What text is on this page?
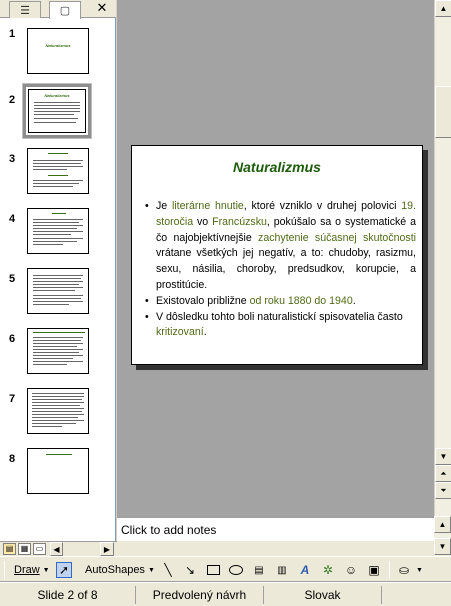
☰	▢ ✕
1
Naturalizmus
2	Naturalizmus
3
4
5
6
7
8
Naturalizmus
• Je literárne hnutie, ktoré vzniklo v druhej polovici 19. storočia vo Francúzsku, pokúšalo sa o systematické a čo najobjektívnejšie zachytenie súčasnej skutočnosti vrátane všetkých jej negatív, a to: chudoby, rasizmu, sexu, násilia, choroby, predsudkov, korupcie, a prostitúcie.
• Existovalo približne od roku 1880 do 1940.
• V dôsledku tohto boli naturalistickí spisovatelia často kritizovaní.
▲
▼
⏶
⏷
Click to add notes	▲
▼
▤ ▦ ▭	◀	▶
Draw ▼ ➚ AutoShapes ▼ ╲ ↘	▤ ▥ A ✲ ☺ ▣ ⛀ ▼
Slide 2 of 8	Predvolený návrh	Slovak
